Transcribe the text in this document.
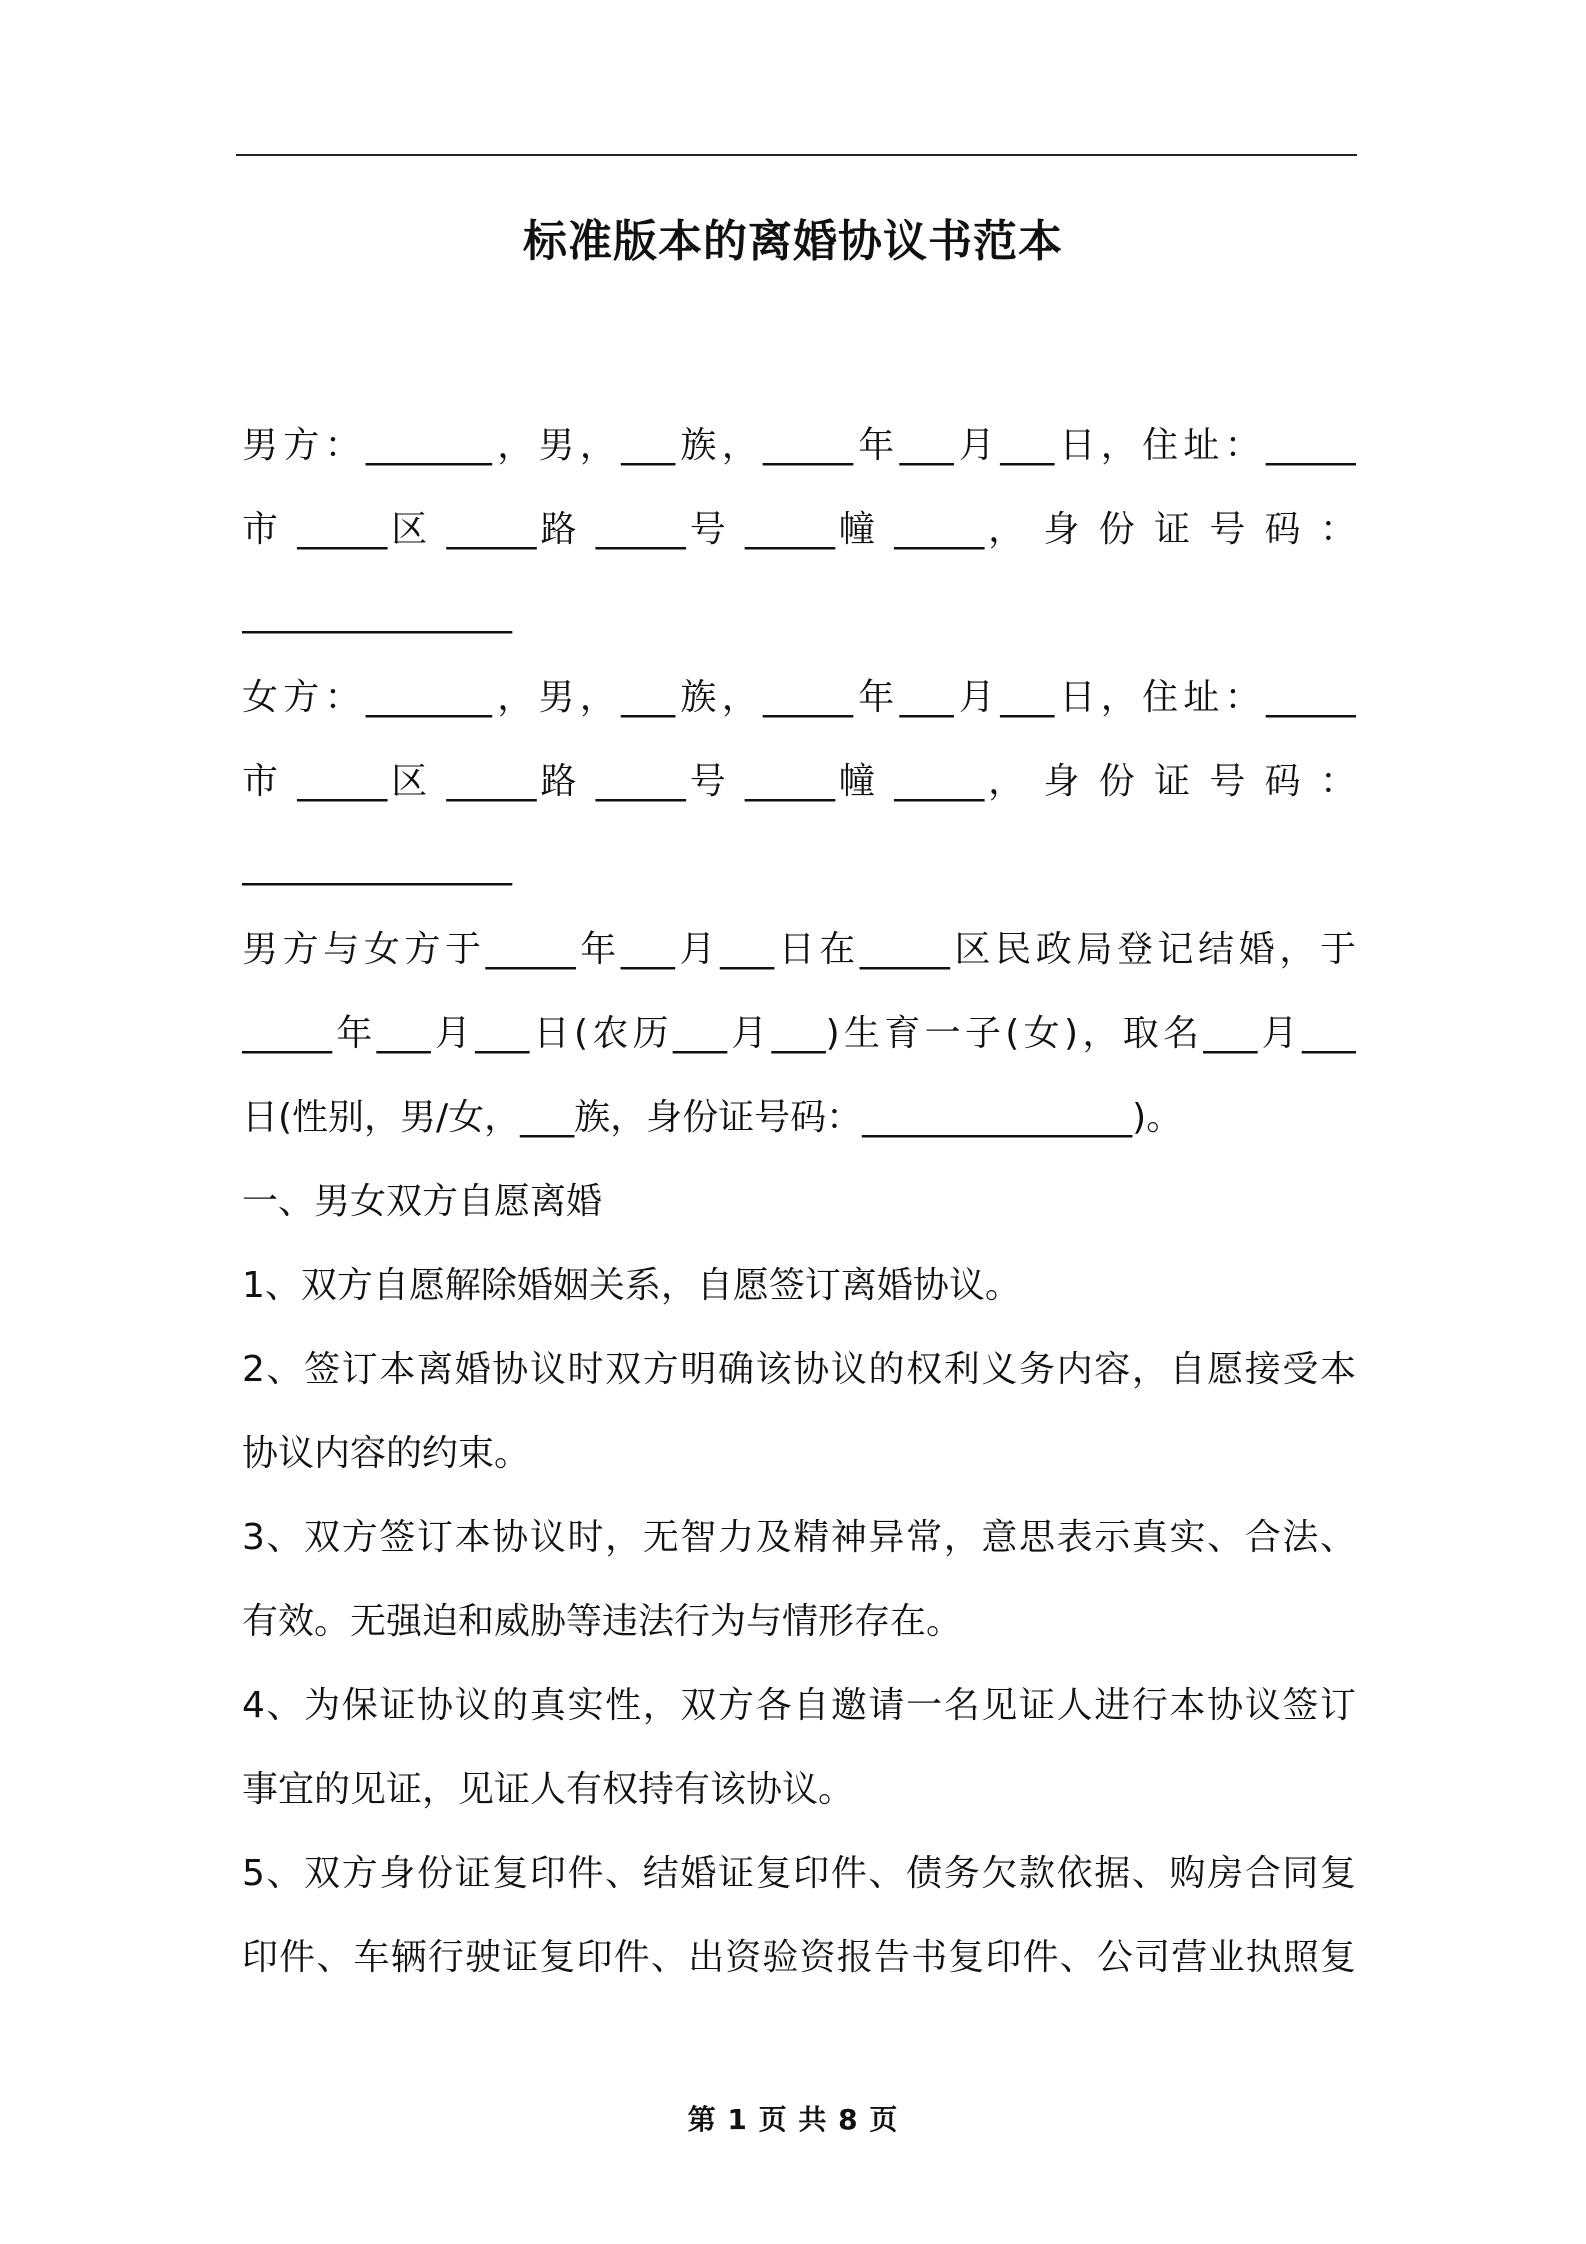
标准版本的离婚协议书范本
男方：_______，男，___族，_____年___月___日，住址：_____
市 _____区 _____路 _____号 _____幢 _____， 身 份 证 号 码 ：
_______________
女方：_______，男，___族，_____年___月___日，住址：_____
市 _____区 _____路 _____号 _____幢 _____， 身 份 证 号 码 ：
_______________
男方与女方于_____年___月___日在_____区民政局登记结婚，于
_____年___月___日(农历___月___)生育一子(女)，取名___月___
日(性别，男/女，___族，身份证号码：_______________)。
一、男女双方自愿离婚
1、双方自愿解除婚姻关系，自愿签订离婚协议。
2、签订本离婚协议时双方明确该协议的权利义务内容，自愿接受本
协议内容的约束。
3、双方签订本协议时，无智力及精神异常，意思表示真实、合法、
有效。无强迫和威胁等违法行为与情形存在。
4、为保证协议的真实性，双方各自邀请一名见证人进行本协议签订
事宜的见证，见证人有权持有该协议。
5、双方身份证复印件、结婚证复印件、债务欠款依据、购房合同复
印件、车辆行驶证复印件、出资验资报告书复印件、公司营业执照复
第 1 页 共 8 页
